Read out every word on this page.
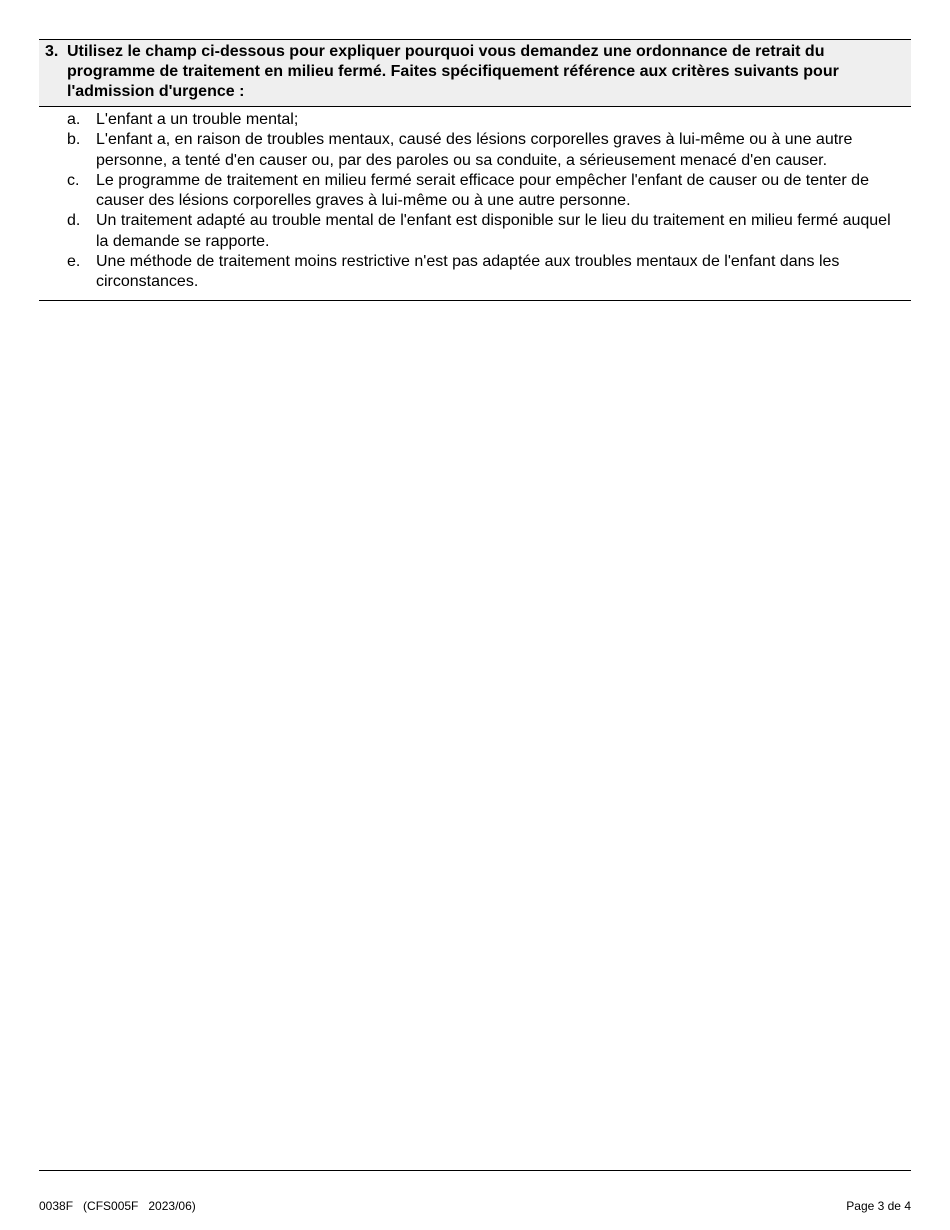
3. Utilisez le champ ci-dessous pour expliquer pourquoi vous demandez une ordonnance de retrait du programme de traitement en milieu fermé. Faites spécifiquement référence aux critères suivants pour l'admission d'urgence :
a. L'enfant a un trouble mental;
b. L'enfant a, en raison de troubles mentaux, causé des lésions corporelles graves à lui-même ou à une autre personne, a tenté d'en causer ou, par des paroles ou sa conduite, a sérieusement menacé d'en causer.
c.	Le programme de traitement en milieu fermé serait efficace pour empêcher l'enfant de causer ou de tenter de causer des lésions corporelles graves à lui-même ou à une autre personne.
d. Un traitement adapté au trouble mental de l'enfant est disponible sur le lieu du traitement en milieu fermé auquel la demande se rapporte.
e. Une méthode de traitement moins restrictive n'est pas adaptée aux troubles mentaux de l'enfant dans les circonstances.
0038F   (CFS005F   2023/06)	Page 3 de 4
